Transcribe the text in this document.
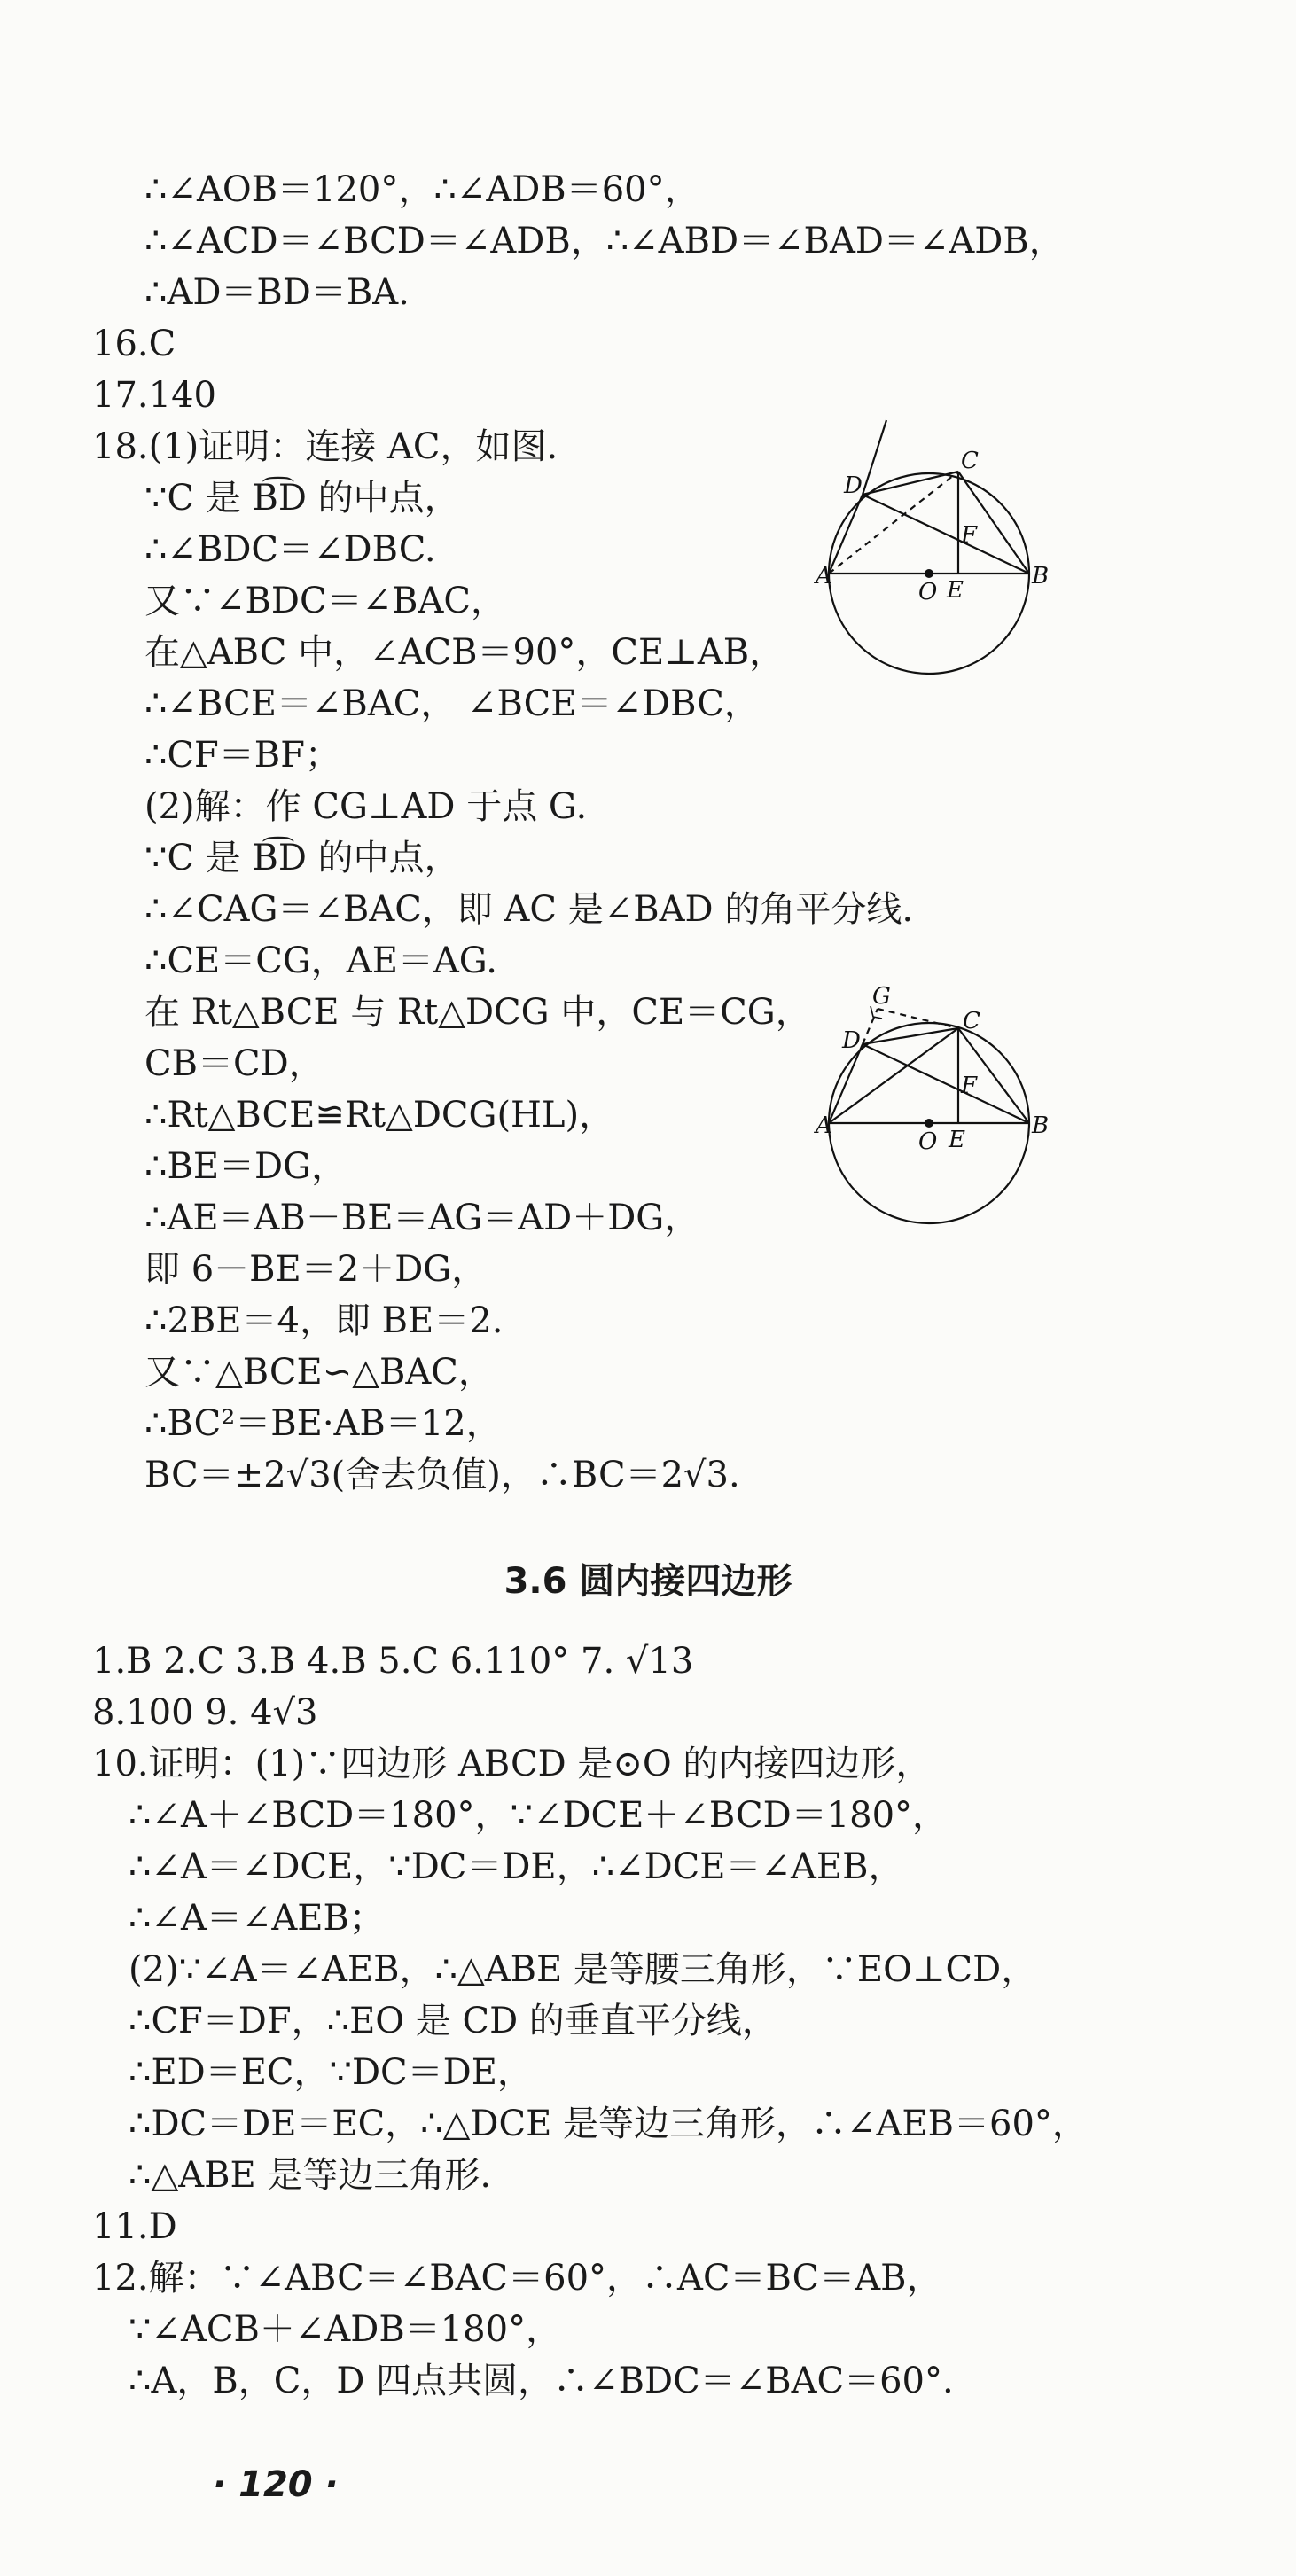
∴∠AOB＝120°，∴∠ADB＝60°，
∴∠ACD＝∠BCD＝∠ADB，∴∠ABD＝∠BAD＝∠ADB，
∴AD＝BD＝BA.
16.C
17.140
18.(1)证明：连接 AC，如图.
∵C 是 B͡D 的中点，
∴∠BDC＝∠DBC.
又∵∠BDC＝∠BAC，
在△ABC 中，∠ACB＝90°，CE⊥AB，
∴∠BCE＝∠BAC， ∠BCE＝∠DBC，
∴CF＝BF；
(2)解：作 CG⊥AD 于点 G.
∵C 是 B͡D 的中点，
∴∠CAG＝∠BAC，即 AC 是∠BAD 的角平分线.
∴CE＝CG，AE＝AG.
在 Rt△BCE 与 Rt△DCG 中，CE＝CG，
CB＝CD，
∴Rt△BCE≌Rt△DCG(HL)，
∴BE＝DG，
∴AE＝AB－BE＝AG＝AD＋DG，
即 6－BE＝2＋DG，
∴2BE＝4，即 BE＝2.
又∵△BCE∽△BAC，
∴BC²＝BE·AB＝12，
BC＝±2√3(舍去负值)，∴BC＝2√3.
3.6 圆内接四边形
1.B 2.C 3.B 4.B 5.C 6.110° 7. √13
8.100 9. 4√3
10.证明：(1)∵四边形 ABCD 是⊙O 的内接四边形，
∴∠A＋∠BCD＝180°，∵∠DCE＋∠BCD＝180°，
∴∠A＝∠DCE，∵DC＝DE，∴∠DCE＝∠AEB，
∴∠A＝∠AEB；
(2)∵∠A＝∠AEB，∴△ABE 是等腰三角形，∵EO⊥CD，
∴CF＝DF，∴EO 是 CD 的垂直平分线，
∴ED＝EC，∵DC＝DE，
∴DC＝DE＝EC，∴△DCE 是等边三角形，∴∠AEB＝60°，
∴△ABE 是等边三角形.
11.D
12.解：∵∠ABC＝∠BAC＝60°，∴AC＝BC＝AB，
∵∠ACB＋∠ADB＝180°，
∴A，B，C，D 四点共圆，∴∠BDC＝∠BAC＝60°.
· 120 ·
A	B
C
D
E
F
O
A	B
C
D
E
F
G
O
